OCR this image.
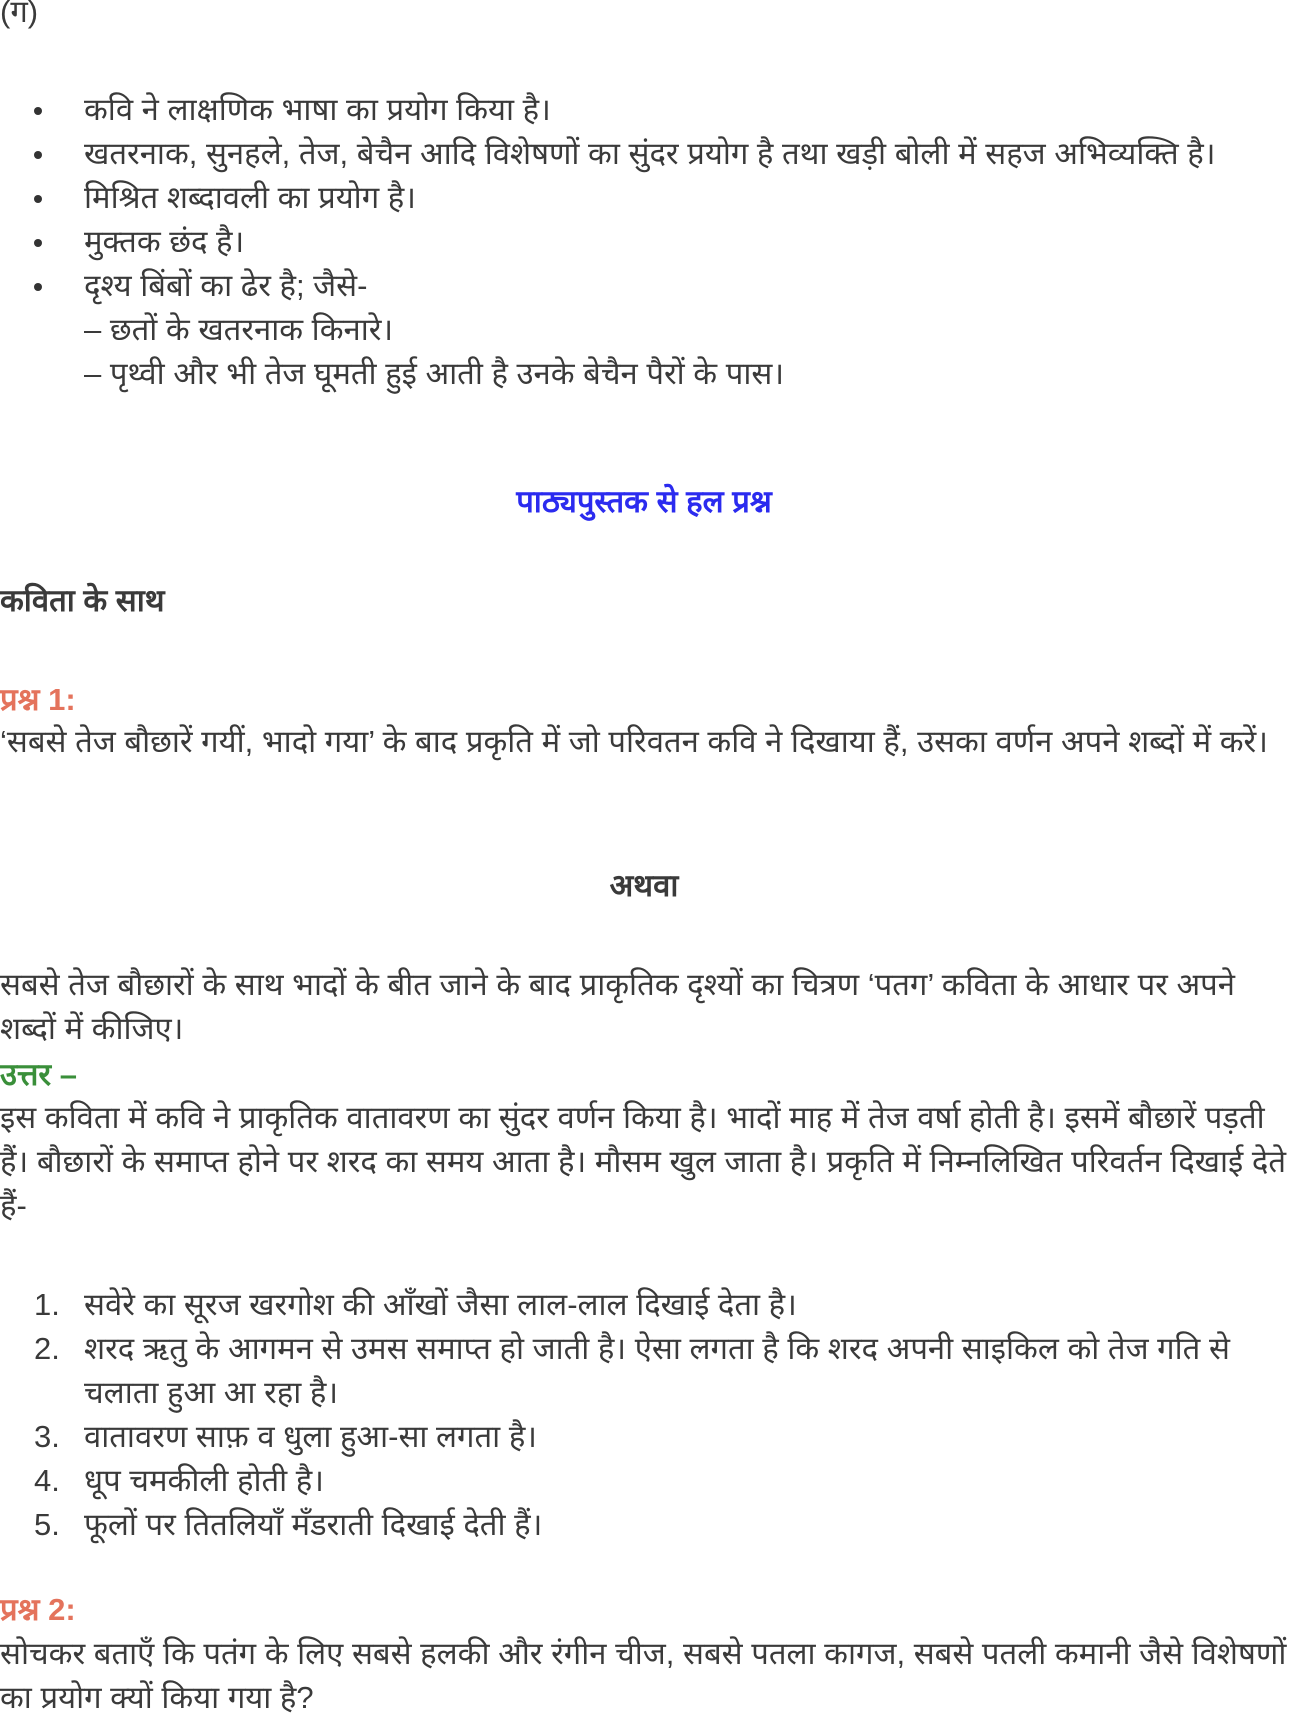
(ग)
कवि ने लाक्षणिक भाषा का प्रयोग किया है।
खतरनाक, सुनहले, तेज, बेचैन आदि विशेषणों का सुंदर प्रयोग है तथा खड़ी बोली में सहज अभिव्यक्ति है।
मिश्रित शब्दावली का प्रयोग है।
मुक्तक छंद है।
दृश्य बिंबों का ढेर है; जैसे-
– छतों के खतरनाक किनारे।
– पृथ्वी और भी तेज घूमती हुई आती है उनके बेचैन पैरों के पास।
पाठ्यपुस्तक से हल प्रश्न
कविता के साथ
प्रश्न 1:
‘सबसे तेज बौछारें गयीं, भादो गया’ के बाद प्रकृति में जो परिवतन कवि ने दिखाया हैं, उसका वर्णन अपने शब्दों में करें।
अथवा
सबसे तेज बौछारों के साथ भादों के बीत जाने के बाद प्राकृतिक दृश्यों का चित्रण ‘पतग’ कविता के आधार पर अपने शब्दों में कीजिए।
उत्तर –
इस कविता में कवि ने प्राकृतिक वातावरण का सुंदर वर्णन किया है। भादों माह में तेज वर्षा होती है। इसमें बौछारें पड़ती हैं। बौछारों के समाप्त होने पर शरद का समय आता है। मौसम खुल जाता है। प्रकृति में निम्नलिखित परिवर्तन दिखाई देते हैं-
1. सवेरे का सूरज खरगोश की आँखों जैसा लाल-लाल दिखाई देता है।
2. शरद ऋतु के आगमन से उमस समाप्त हो जाती है। ऐसा लगता है कि शरद अपनी साइकिल को तेज गति से चलाता हुआ आ रहा है।
3. वातावरण साफ़ व धुला हुआ-सा लगता है।
4. धूप चमकीली होती है।
5. फूलों पर तितलियाँ मँडराती दिखाई देती हैं।
प्रश्न 2:
सोचकर बताएँ कि पतंग के लिए सबसे हलकी और रंगीन चीज, सबसे पतला कागज, सबसे पतली कमानी जैसे विशेषणों का प्रयोग क्यों किया गया है?
